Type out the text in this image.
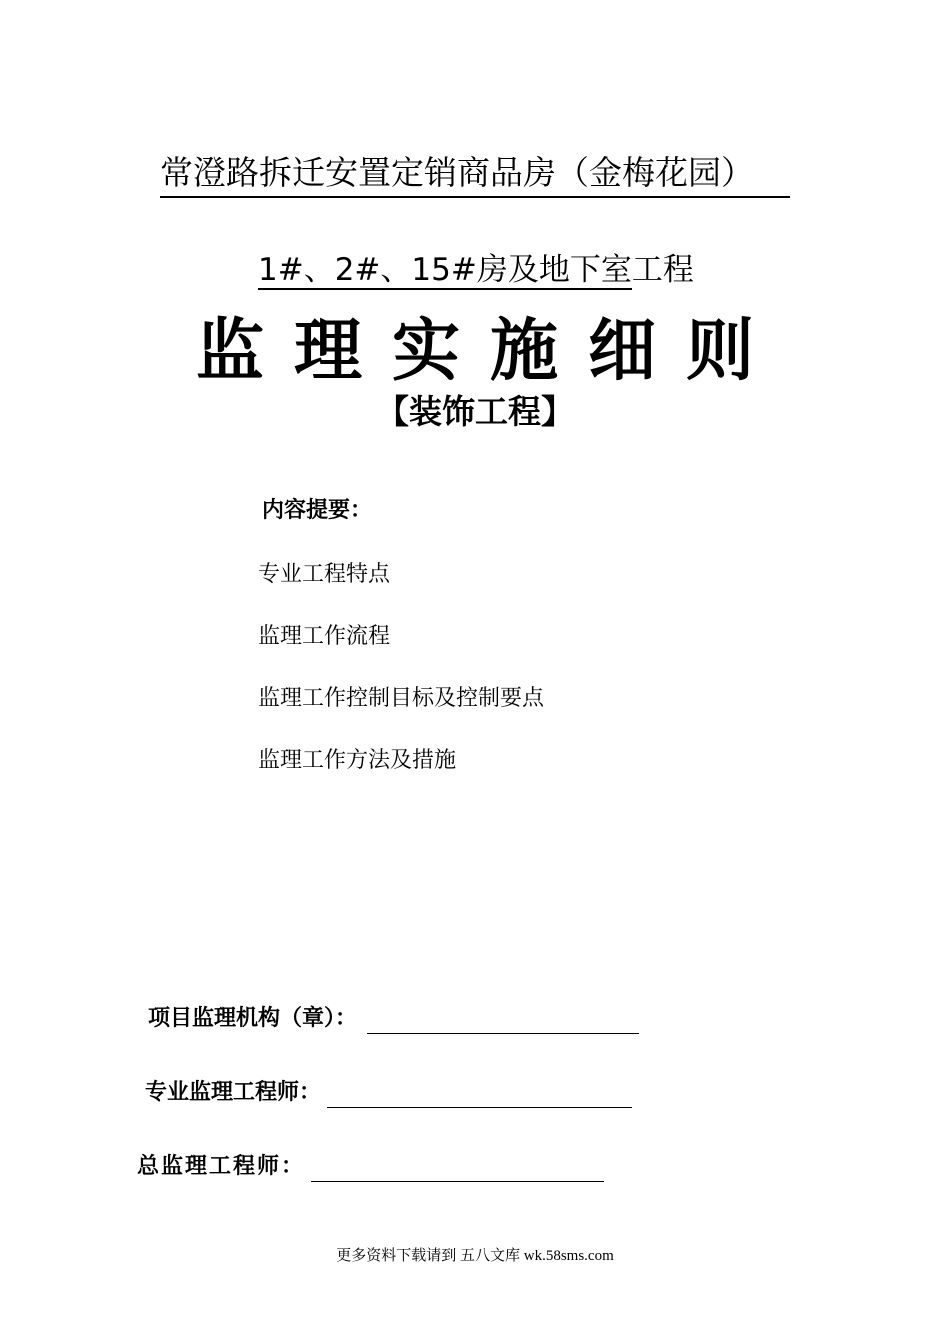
常澄路拆迁安置定销商品房（金梅花园）
1#、2#、15#房及地下室工程
监理实施细则
【装饰工程】
内容提要：
专业工程特点
监理工作流程
监理工作控制目标及控制要点
监理工作方法及措施
项目监理机构（章）：
专业监理工程师：
总监理工程师：
更多资料下载请到 五八文库 wk.58sms.com
